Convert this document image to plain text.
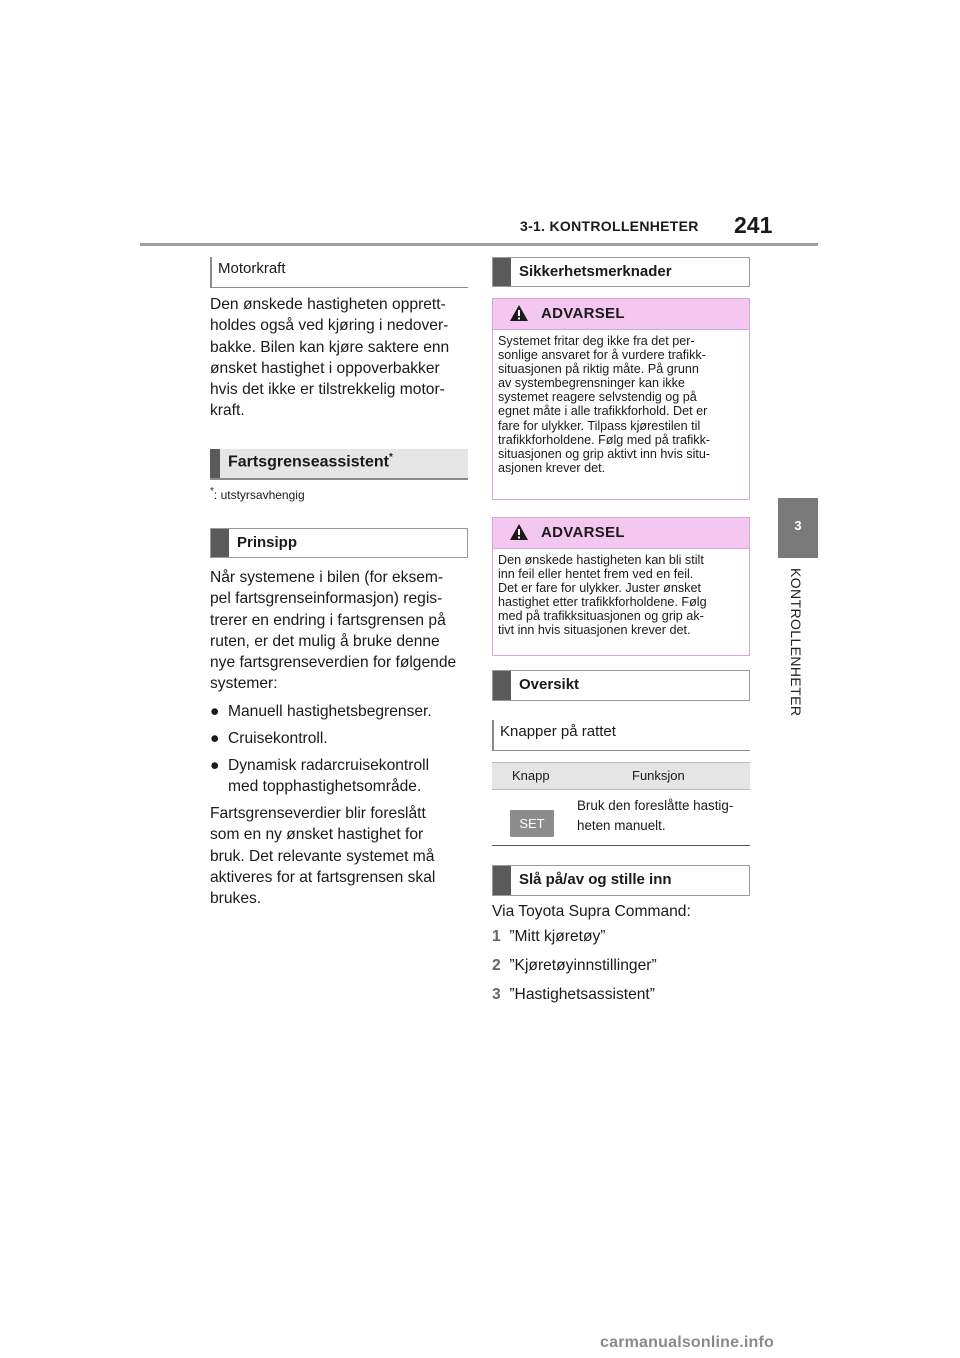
3-1. KONTROLLENHETER 241
3
KONTROLLENHETER
Motorkraft

Den ønskede hastigheten opprett-

holdes også ved kjøring i nedover-

bakke. Bilen kan kjøre saktere enn

ønsket hastighet i oppoverbakker

hvis det ikke er tilstrekkelig motor-

kraft.

Fartsgrenseassistent*
*: utstyrsavhengig
Prinsipp

Når systemene i bilen (for eksem-

pel fartsgrenseinformasjon) regis-

trerer en endring i fartsgrensen på

ruten, er det mulig å bruke denne

nye fartsgrenseverdien for følgende

systemer:

● Manuell hastighetsbegrenser.
● Cruisekontroll.
● Dynamisk radarcruisekontroll
med topphastighetsområde.

Fartsgrenseverdier blir foreslått

som en ny ønsket hastighet for

bruk. Det relevante systemet må

aktiveres for at fartsgrensen skal

brukes.

Sikkerhetsmerknader
ADVARSEL
Systemet fritar deg ikke fra det per-
sonlige ansvaret for å vurdere trafikk-
situasjonen på riktig måte. På grunn
av systembegrensninger kan ikke
systemet reagere selvstendig og på
egnet måte i alle trafikkforhold. Det er
fare for ulykker. Tilpass kjørestilen til
trafikkforholdene. Følg med på trafikk-
situasjonen og grip aktivt inn hvis situ-
asjonen krever det.
ADVARSEL
Den ønskede hastigheten kan bli stilt
inn feil eller hentet frem ved en feil.
Det er fare for ulykker. Juster ønsket
hastighet etter trafikkforholdene. Følg
med på trafikksituasjonen og grip ak-
tivt inn hvis situasjonen krever det.
Oversikt
Knapper på rattet
Knapp	Funksjon
SET
Bruk den foreslåtte hastig-
heten manuelt.
Slå på/av og stille inn
Via Toyota Supra Command:
1 ”Mitt kjøretøy”
2 ”Kjøretøyinnstillinger”
3 ”Hastighetsassistent”
carmanualsonline.info
